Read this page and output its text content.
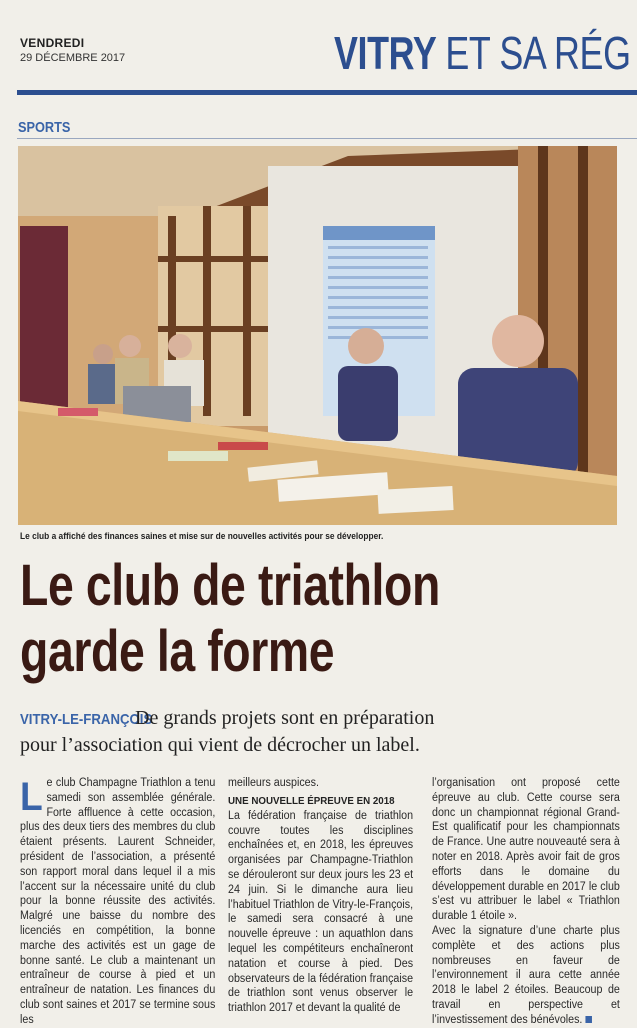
VENDREDI
29 DÉCEMBRE 2017	VITRY ET SA RÉG
SPORTS
Le club a affiché des finances saines et mise sur de nouvelles activités pour se développer.
Le club de triathlon
garde la forme
VITRY-LE-FRANÇOIS
De grands projets sont en préparation
pour l’association qui vient de décrocher un label.
L e club Champagne Triathlon a tenu samedi son assemblée générale. Forte affluence à cette occasion, plus des deux tiers des membres du club étaient présents. Laurent Schneider, président de l’association, a présenté son rapport moral dans lequel il a mis l’accent sur la nécessaire unité du club pour la bonne réussite des activités. Malgré une baisse du nombre des licenciés en compétition, la bonne marche des activités est un gage de bonne santé. Le club a maintenant un entraîneur de course à pied et un entraîneur de natation. Les finances du club sont saines et 2017 se termine sous les

meilleurs auspices.

UNE NOUVELLE ÉPREUVE EN 2018

La fédération française de triathlon couvre toutes les disciplines enchaînées et, en 2018, les épreuves organisées par Champagne-Triathlon se dérouleront sur deux jours les 23 et 24 juin. Si le dimanche aura lieu l’habituel Triathlon de Vitry-le-François, le samedi sera consacré à une nouvelle épreuve : un aquathlon dans lequel les compétiteurs enchaîneront natation et course à pied. Des observateurs de la fédération française de triathlon sont venus observer le triathlon 2017 et devant la qualité de

l’organisation ont proposé cette épreuve au club. Cette course sera donc un championnat régional Grand-Est qualificatif pour les championnats de France. Une autre nouveauté sera à noter en 2018. Après avoir fait de gros efforts dans le domaine du développement durable en 2017 le club s’est vu attribuer le label « Triathlon durable 1 étoile ».

Avec la signature d’une charte plus complète et des actions plus nombreuses en faveur de l’environnement il aura cette année 2018 le label 2 étoiles. Beaucoup de travail en perspective et l’investissement des bénévoles.
